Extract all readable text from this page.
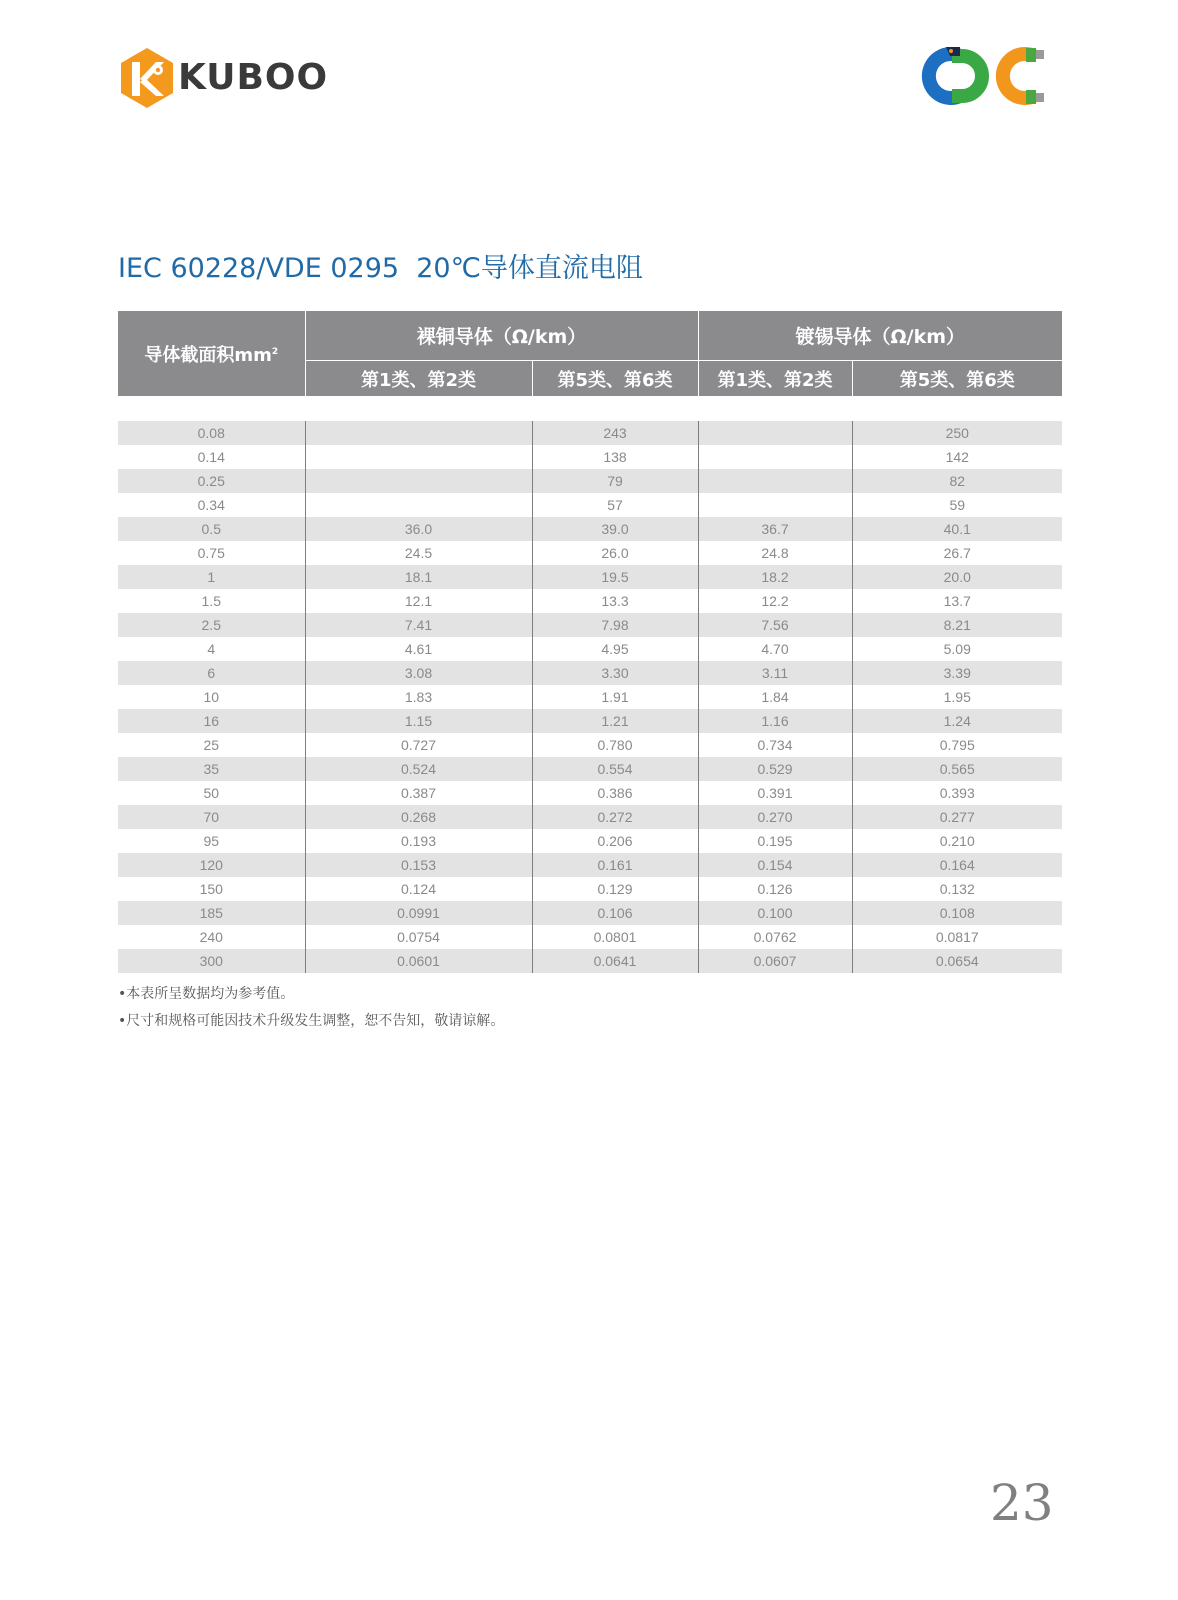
KUBOO
IEC 60228/VDE 0295  20℃导体直流电阻
导体截面积$mm^2$	裸铜导体（Ω/km）		镀锡导体（Ω/km）	
	第1类、第2类	第5类、第6类	第1类、第2类	第5类、第6类

0.08		243		250
0.14		138		142
0.25		79		82
0.34		57		59
0.5	36.0	39.0	36.7	40.1
0.75	24.5	26.0	24.8	26.7
1	18.1	19.5	18.2	20.0
1.5	12.1	13.3	12.2	13.7
2.5	7.41	7.98	7.56	8.21
4	4.61	4.95	4.70	5.09
6	3.08	3.30	3.11	3.39
10	1.83	1.91	1.84	1.95
16	1.15	1.21	1.16	1.24
25	0.727	0.780	0.734	0.795
35	0.524	0.554	0.529	0.565
50	0.387	0.386	0.391	0.393
70	0.268	0.272	0.270	0.277
95	0.193	0.206	0.195	0.210
120	0.153	0.161	0.154	0.164
150	0.124	0.129	0.126	0.132
185	0.0991	0.106	0.100	0.108
240	0.0754	0.0801	0.0762	0.0817
300	0.0601	0.0641	0.0607	0.0654

•本表所呈数据均为参考值。

•尺寸和规格可能因技术升级发生调整，恕不告知，敬请谅解。

23
